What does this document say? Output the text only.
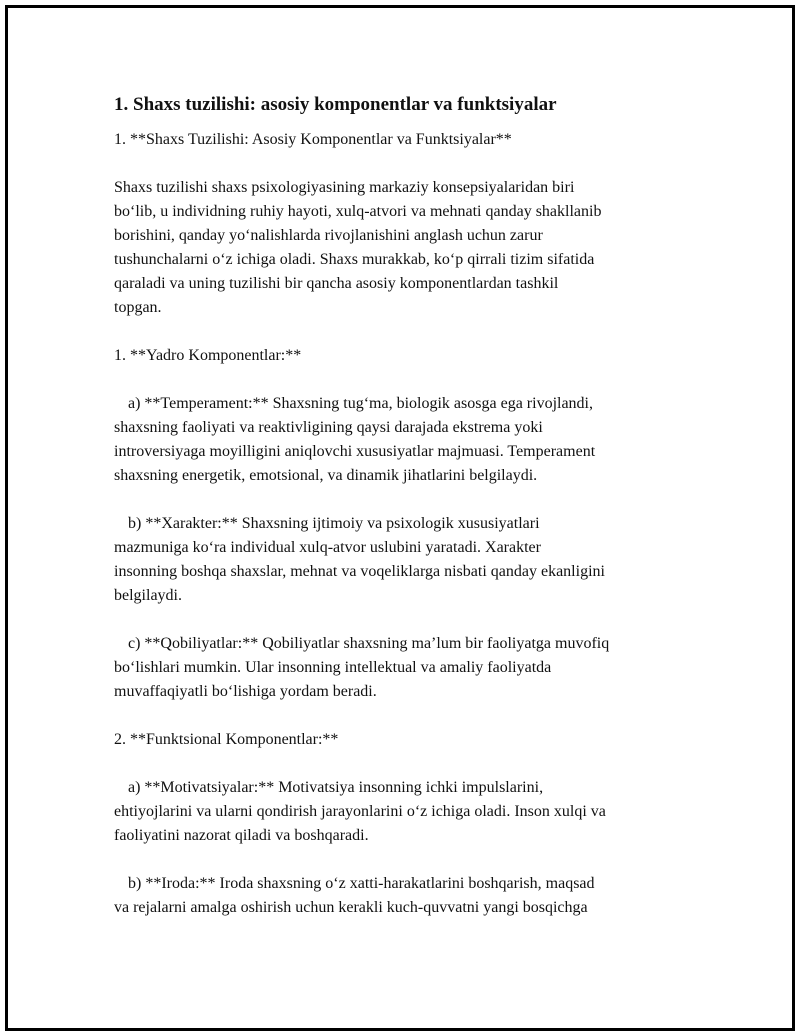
1. Shaxs tuzilishi: asosiy komponentlar va funktsiyalar

1. **Shaxs Tuzilishi: Asosiy Komponentlar va Funktsiyalar**

Shaxs tuzilishi shaxs psixologiyasining markaziy konsepsiyalaridan biri
bo‘lib, u individning ruhiy hayoti, xulq-atvori va mehnati qanday shakllanib
borishini, qanday yo‘nalishlarda rivojlanishini anglash uchun zarur
tushunchalarni o‘z ichiga oladi. Shaxs murakkab, ko‘p qirrali tizim sifatida
qaraladi va uning tuzilishi bir qancha asosiy komponentlardan tashkil
topgan.

1. **Yadro Komponentlar:**

a) **Temperament:** Shaxsning tug‘ma, biologik asosga ega rivojlandi,
shaxsning faoliyati va reaktivligining qaysi darajada ekstrema yoki
introversiyaga moyilligini aniqlovchi xususiyatlar majmuasi. Temperament
shaxsning energetik, emotsional, va dinamik jihatlarini belgilaydi.

b) **Xarakter:** Shaxsning ijtimoiy va psixologik xususiyatlari
mazmuniga ko‘ra individual xulq-atvor uslubini yaratadi. Xarakter
insonning boshqa shaxslar, mehnat va voqeliklarga nisbati qanday ekanligini
belgilaydi.

c) **Qobiliyatlar:** Qobiliyatlar shaxsning ma’lum bir faoliyatga muvofiq
bo‘lishlari mumkin. Ular insonning intellektual va amaliy faoliyatda
muvaffaqiyatli bo‘lishiga yordam beradi.

2. **Funktsional Komponentlar:**

a) **Motivatsiyalar:** Motivatsiya insonning ichki impulslarini,
ehtiyojlarini va ularni qondirish jarayonlarini o‘z ichiga oladi. Inson xulqi va
faoliyatini nazorat qiladi va boshqaradi.

b) **Iroda:** Iroda shaxsning o‘z xatti-harakatlarini boshqarish, maqsad
va rejalarni amalga oshirish uchun kerakli kuch-quvvatni yangi bosqichga
